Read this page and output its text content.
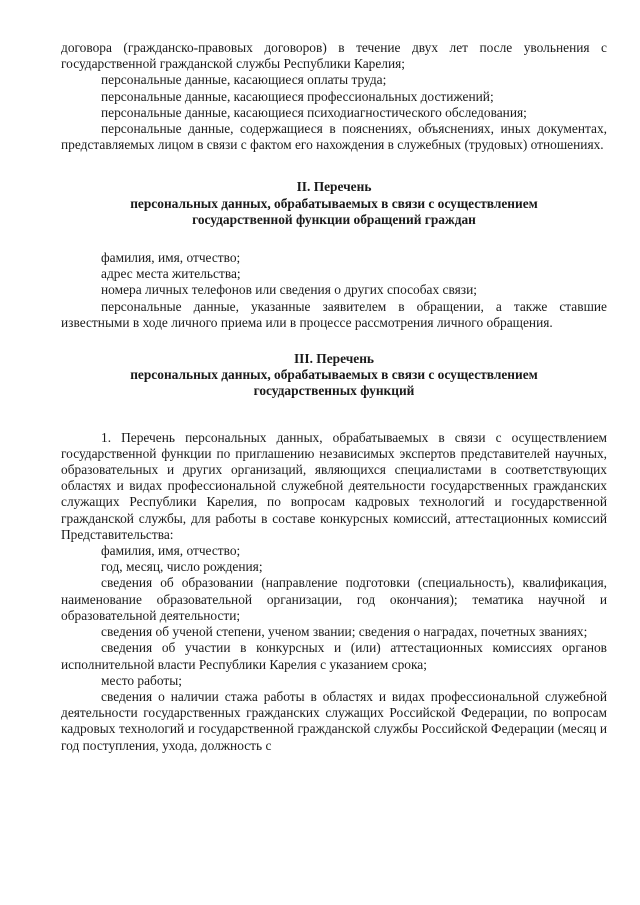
договора (гражданско-правовых договоров) в течение двух лет после увольнения с государственной гражданской службы Республики Карелия;

персональные данные, касающиеся оплаты труда;

персональные данные, касающиеся профессиональных достижений;

персональные данные, касающиеся психодиагностического обследования;

персональные данные, содержащиеся в пояснениях, объяснениях, иных документах, представляемых лицом в связи с фактом его нахождения в служебных (трудовых) отношениях.

II. Перечень
персональных данных, обрабатываемых в связи с осуществлением
государственной функции обращений граждан

фамилия, имя, отчество;

адрес места жительства;

номера личных телефонов или сведения о других способах связи;

персональные данные, указанные заявителем в обращении, а также ставшие известными в ходе личного приема или в процессе рассмотрения личного обращения.

III. Перечень
персональных данных, обрабатываемых в связи с осуществлением
государственных функций

1. Перечень персональных данных, обрабатываемых в связи с осуществлением государственной функции по приглашению независимых экспертов представителей научных, образовательных и других организаций, являющихся специалистами в соответствующих областях и видах профессиональной служебной деятельности государственных гражданских служащих Республики Карелия, по вопросам кадровых технологий и государственной гражданской службы, для работы в составе конкурсных комиссий, аттестационных комиссий Представительства:

фамилия, имя, отчество;

год, месяц, число рождения;

сведения об образовании (направление подготовки (специальность), квалификация, наименование образовательной организации, год окончания); тематика научной и образовательной деятельности;

сведения об ученой степени, ученом звании; сведения о наградах, почетных званиях;

сведения об участии в конкурсных и (или) аттестационных комиссиях органов исполнительной власти Республики Карелия с указанием срока;

место работы;

сведения о наличии стажа работы в областях и видах профессиональной служебной деятельности государственных гражданских служащих Российской Федерации, по вопросам кадровых технологий и государственной гражданской службы Российской Федерации (месяц и год поступления, ухода, должность с
